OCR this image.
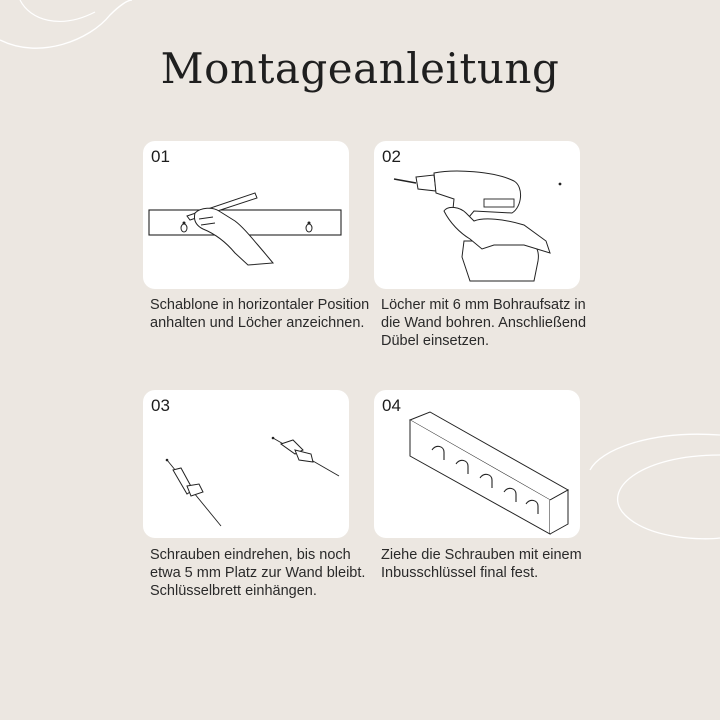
Montageanleitung
01
Schablone in horizontaler Position anhalten und Löcher anzeichnen.
02
Löcher mit 6 mm Bohraufsatz in die Wand bohren. Anschließend Dübel einsetzen.
03
Schrauben eindrehen, bis noch etwa 5 mm Platz zur Wand bleibt. Schlüsselbrett einhängen.
04
Ziehe die Schrauben mit einem Inbusschlüssel final fest.
